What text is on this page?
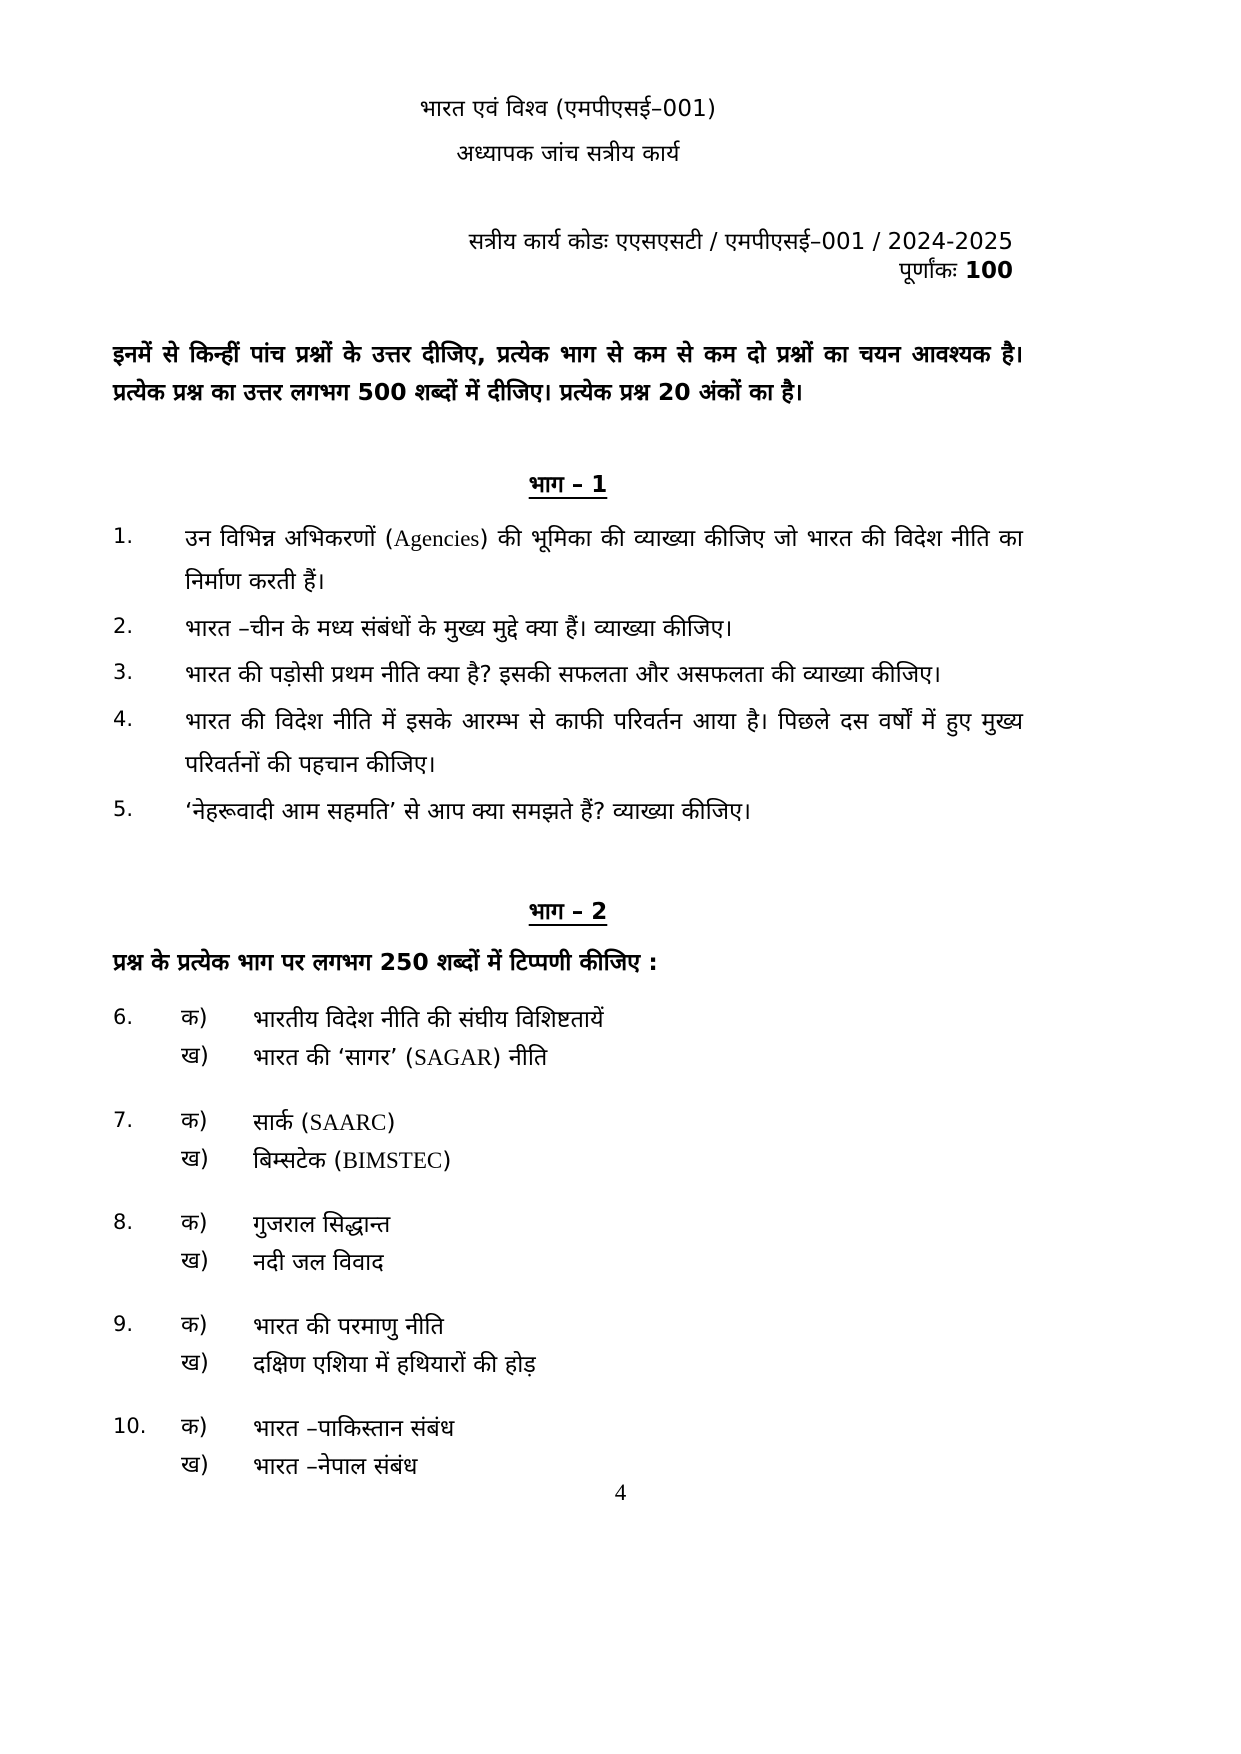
भारत एवं विश्व (एमपीएसई–001)
अध्यापक जांच सत्रीय कार्य
सत्रीय कार्य कोडः एएसएसटी / एमपीएसई–001 / 2024-2025
पूर्णांकः 100
इनमें से किन्हीं पांच प्रश्नों के उत्तर दीजिए, प्रत्येक भाग से कम से कम दो प्रश्नों का चयन आवश्यक है।
प्रत्येक प्रश्न का उत्तर लगभग 500 शब्दों में दीजिए। प्रत्येक प्रश्न 20 अंकों का है।
भाग – 1
1.	उन विभिन्न अभिकरणों (Agencies) की भूमिका की व्याख्या कीजिए जो भारत की विदेश नीति का निर्माण करती हैं।
2.	भारत –चीन के मध्य संबंधों के मुख्य मुद्दे क्या हैं। व्याख्या कीजिए।
3.	भारत की पड़ोसी प्रथम नीति क्या है? इसकी सफलता और असफलता की व्याख्या कीजिए।
4.	भारत की विदेश नीति में इसके आरम्भ से काफी परिवर्तन आया है। पिछले दस वर्षों में हुए मुख्य परिवर्तनों की पहचान कीजिए।
5.	‘नेहरूवादी आम सहमति’ से आप क्या समझते हैं? व्याख्या कीजिए।
भाग – 2
प्रश्न के प्रत्येक भाग पर लगभग 250 शब्दों में टिप्पणी कीजिए :
6.	क)	भारतीय विदेश नीति की संघीय विशिष्टतायें
ख)	भारत की ‘सागर’ (SAGAR) नीति
7.	क)	सार्क (SAARC)
ख)	बिम्सटेक (BIMSTEC)
8.	क)	गुजराल सिद्धान्त
ख)	नदी जल विवाद
9.	क)	भारत की परमाणु नीति
ख)	दक्षिण एशिया में हथियारों की होड़
10.	क)	भारत –पाकिस्तान संबंध
ख)	भारत –नेपाल संबंध
4
